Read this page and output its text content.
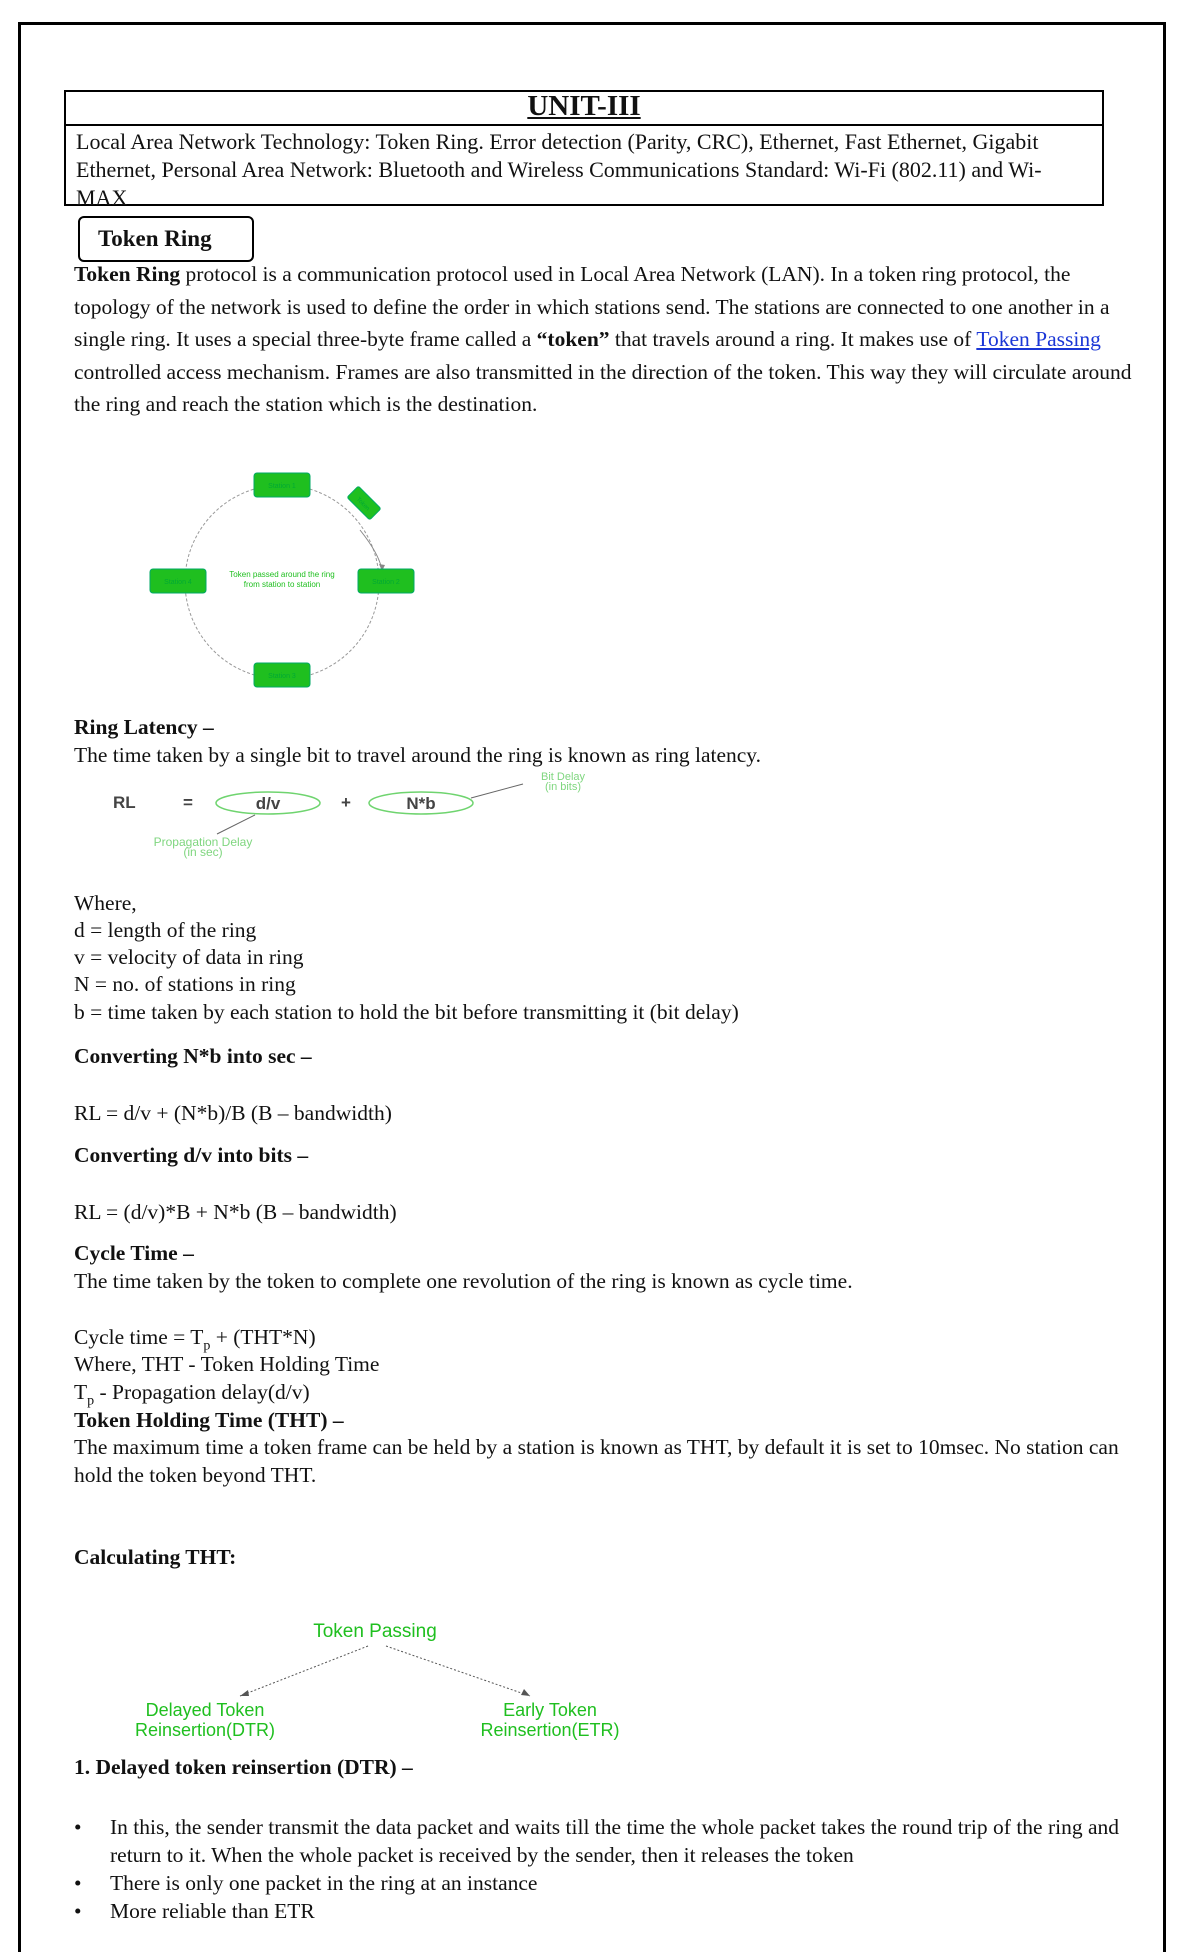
UNIT-III
Local Area Network Technology: Token Ring. Error detection (Parity, CRC), Ethernet, Fast Ethernet, Gigabit Ethernet, Personal Area Network: Bluetooth and Wireless Communications Standard: Wi-Fi (802.11) and Wi-MAX
Token Ring
Token Ring protocol is a communication protocol used in Local Area Network (LAN). In a token ring protocol, the topology of the network is used to define the order in which stations send. The stations are connected to one another in a single ring. It uses a special three-byte frame called a “token” that travels around a ring. It makes use of Token Passing controlled access mechanism. Frames are also transmitted in the direction of the token. This way they will circulate around the ring and reach the station which is the destination.
Station 1
Station 2
Station 3
Station 4
Token
Token passed around the ring
from station to station
Ring Latency –
The time taken by a single bit to travel around the ring is known as ring latency.
RL	=	d/v	+	N*b
Bit Delay
(in bits)
Propagation Delay
(in sec)
Where,
d = length of the ring
v = velocity of data in ring
N = no. of stations in ring
b = time taken by each station to hold the bit before transmitting it (bit delay)
Converting N*b into sec –
RL = d/v + (N*b)/B (B – bandwidth)
Converting d/v into bits –
RL = (d/v)*B + N*b (B – bandwidth)
Cycle Time –
The time taken by the token to complete one revolution of the ring is known as cycle time.
Cycle time = $T_p + (THT*N)$
Where, THT - Token Holding Time
$T_p$ - Propagation delay(d/v)
Token Holding Time (THT) –
The maximum time a token frame can be held by a station is known as THT, by default it is set to 10msec. No station can hold the token beyond THT.
Calculating THT:
Token Passing
Delayed Token
Reinsertion(DTR)
Early Token
Reinsertion(ETR)
1. Delayed token reinsertion (DTR) –
• In this, the sender transmit the data packet and waits till the time the whole packet takes the round trip of the ring and return to it. When the whole packet is received by the sender, then it releases the token
• There is only one packet in the ring at an instance
• More reliable than ETR
